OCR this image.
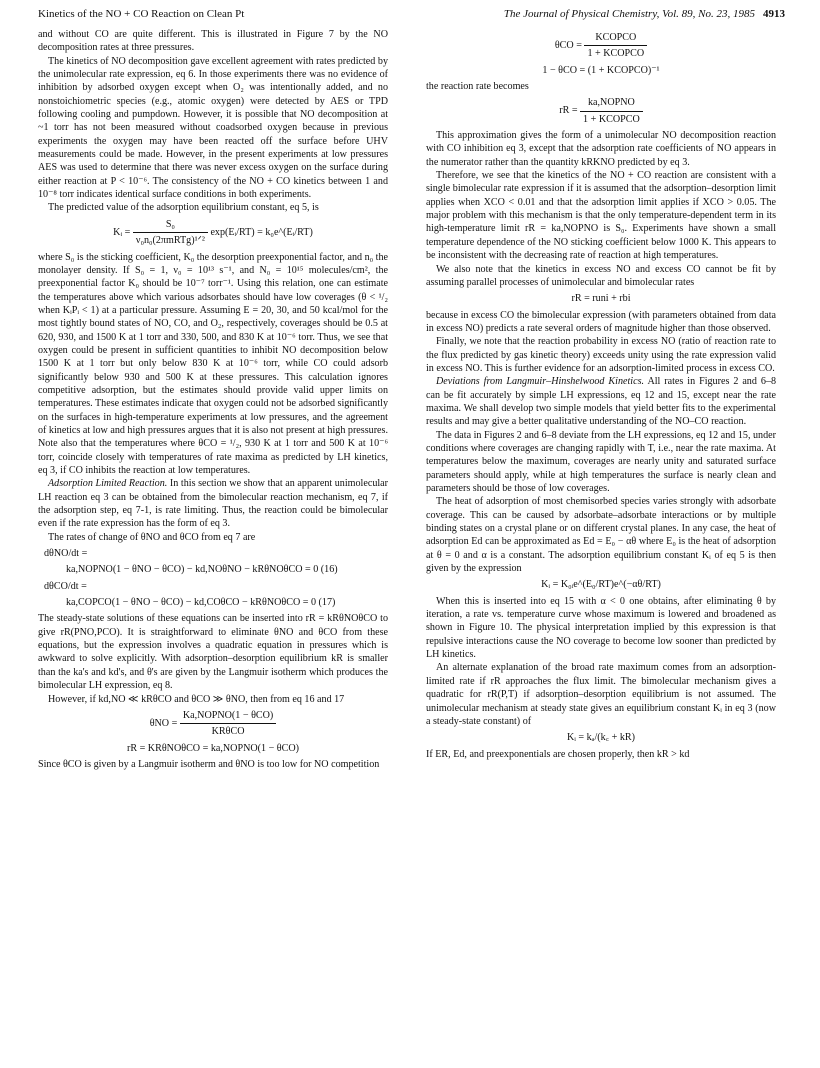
Kinetics of the NO + CO Reaction on Clean Pt	The Journal of Physical Chemistry, Vol. 89, No. 23, 1985 4913

and without CO are quite different. This is illustrated in Figure 7 by the NO decomposition rates at three pressures.

The kinetics of NO decomposition gave excellent agreement with rates predicted by the unimolecular rate expression, eq 6. In those experiments there was no evidence of inhibition by adsorbed oxygen except when O₂ was intentionally added, and no nonstoichiometric species (e.g., atomic oxygen) were detected by AES or TPD following cooling and pumpdown. However, it is possible that NO decomposition at ~1 torr has not been measured without coadsorbed oxygen because in previous experiments the oxygen may have been reacted off the surface before UHV measurements could be made. However, in the present experiments at low pressures AES was used to determine that there was never excess oxygen on the surface during either reaction at P < 10⁻⁶. The consistency of the NO + CO kinetics between 1 and 10⁻⁸ torr indicates identical surface conditions in both experiments.

The predicted value of the adsorption equilibrium constant, eq 5, is

Kᵢ = $\frac{\text{S₀}}{\text{ν₀n₀(2πmRTg)¹ᐟ²}}$ exp(Eᵢ/RT) = k₀e^(Eᵢ/RT)

where S₀ is the sticking coefficient, K₀ the desorption preexponential factor, and n₀ the monolayer density. If S₀ = 1, ν₀ = 10¹³ s⁻¹, and N₀ = 10¹⁵ molecules/cm², the preexponential factor K₀ should be 10⁻⁷ torr⁻¹. Using this relation, one can estimate the temperatures above which various adsorbates should have low coverages (θ < ¹/₂ when KᵢPᵢ < 1) at a particular pressure. Assuming E = 20, 30, and 50 kcal/mol for the most tightly bound states of NO, CO, and O₂, respectively, coverages should be 0.5 at 620, 930, and 1500 K at 1 torr and 330, 500, and 830 K at 10⁻⁶ torr. Thus, we see that oxygen could be present in sufficient quantities to inhibit NO decomposition below 1500 K at 1 torr but only below 830 K at 10⁻⁶ torr, while CO could adsorb significantly below 930 and 500 K at these pressures. This calculation ignores competitive adsorption, but the estimates should provide valid upper limits on temperatures. These estimates indicate that oxygen could not be adsorbed significantly on the surfaces in high-temperature experiments at low pressures, and the agreement of kinetics at low and high pressures argues that it is also not present at high pressures. Note also that the temperatures where θCO = ¹/₂, 930 K at 1 torr and 500 K at 10⁻⁶ torr, coincide closely with temperatures of rate maxima as predicted by LH kinetics, eq 3, if CO inhibits the reaction at low temperatures.

Adsorption Limited Reaction. In this section we show that an apparent unimolecular LH reaction eq 3 can be obtained from the bimolecular reaction mechanism, eq 7, if the adsorption step, eq 7-1, is rate limiting. Thus, the reaction could be bimolecular even if the rate expression has the form of eq 3.

The rates of change of θNO and θCO from eq 7 are

dθNO/dt =
ka,NOPNO(1 − θNO − θCO) − kd,NOθNO − kRθNOθCO = 0 (16)
dθCO/dt =
ka,COPCO(1 − θNO − θCO) − kd,COθCO − kRθNOθCO = 0 (17)

The steady-state solutions of these equations can be inserted into rR = kRθNOθCO to give rR(PNO,PCO). It is straightforward to eliminate θNO and θCO from these equations, but the expression involves a quadratic equation in pressures which is awkward to solve explicitly. With adsorption–desorption equilibrium kR is smaller than the ka's and kd's, and θ's are given by the Langmuir isotherm which produces the bimolecular LH expression, eq 8.

However, if kd,NO ≪ kRθCO and θCO ≫ θNO, then from eq 16 and 17

$\theta NO = \frac{\text{Ka,NOPNO(1 − θCO)}}{\text{KRθCO}}$
rR = KRθNOθCO = ka,NOPNO(1 − θCO)

Since θCO is given by a Langmuir isotherm and θNO is too low for NO competition

$\theta CO = \frac{\text{KCOPCO}}{\text{1 + KCOPCO}}$
1 − θCO = (1 + KCOPCO)⁻¹

the reaction rate becomes

rR = $\frac{\text{ka,NOPNO}}{\text{1 + KCOPCO}}$

This approximation gives the form of a unimolecular NO decomposition reaction with CO inhibition eq 3, except that the adsorption rate coefficients of NO appears in the numerator rather than the quantity kRKNO predicted by eq 3.

Therefore, we see that the kinetics of the NO + CO reaction are consistent with a single bimolecular rate expression if it is assumed that the adsorption–desorption limit applies when XCO < 0.01 and that the adsorption limit applies if XCO > 0.05. The major problem with this mechanism is that the only temperature-dependent term in its high-temperature limit rR = ka,NOPNO is S₀. Experiments have shown a small temperature dependence of the NO sticking coefficient below 1000 K. This appears to be inconsistent with the decreasing rate of reaction at high temperatures.

We also note that the kinetics in excess NO and excess CO cannot be fit by assuming parallel processes of unimolecular and bimolecular rates

rR = runi + rbi

because in excess CO the bimolecular expression (with parameters obtained from data in excess NO) predicts a rate several orders of magnitude higher than those observed.

Finally, we note that the reaction probability in excess NO (ratio of reaction rate to the flux predicted by gas kinetic theory) exceeds unity using the rate expression valid in excess NO. This is further evidence for an adsorption-limited process in excess CO.

Deviations from Langmuir–Hinshelwood Kinetics. All rates in Figures 2 and 6–8 can be fit accurately by simple LH expressions, eq 12 and 15, except near the rate maxima. We shall develop two simple models that yield better fits to the experimental results and may give a better qualitative understanding of the NO–CO reaction.

The data in Figures 2 and 6–8 deviate from the LH expressions, eq 12 and 15, under conditions where coverages are changing rapidly with T, i.e., near the rate maxima. At temperatures below the maximum, coverages are nearly unity and saturated surface parameters should apply, while at high temperatures the surface is nearly clean and parameters should be those of low coverages.

The heat of adsorption of most chemisorbed species varies strongly with adsorbate coverage. This can be caused by adsorbate–adsorbate interactions or by multiple binding states on a crystal plane or on different crystal planes. In any case, the heat of adsorption Ed can be approximated as Ed = E₀ − αθ where E₀ is the heat of adsorption at θ = 0 and α is a constant. The adsorption equilibrium constant Kᵢ of eq 5 is then given by the expression

Kᵢ = K₀ᵢe^(E₀/RT)e^(−αθ/RT)

When this is inserted into eq 15 with α < 0 one obtains, after eliminating θ by iteration, a rate vs. temperature curve whose maximum is lowered and broadened as shown in Figure 10. The physical interpretation implied by this expression is that repulsive interactions cause the NO coverage to become low sooner than predicted by LH kinetics.

An alternate explanation of the broad rate maximum comes from an adsorption-limited rate if rR approaches the flux limit. The bimolecular mechanism gives a quadratic for rR(P,T) if adsorption–desorption equilibrium is not assumed. The unimolecular mechanism at steady state gives an equilibrium constant Kᵢ in eq 3 (now a steady-state constant) of

Kᵢ = kₐ/(k꜀ + kR)

If ER, Ed, and preexponentials are chosen properly, then kR > kd
